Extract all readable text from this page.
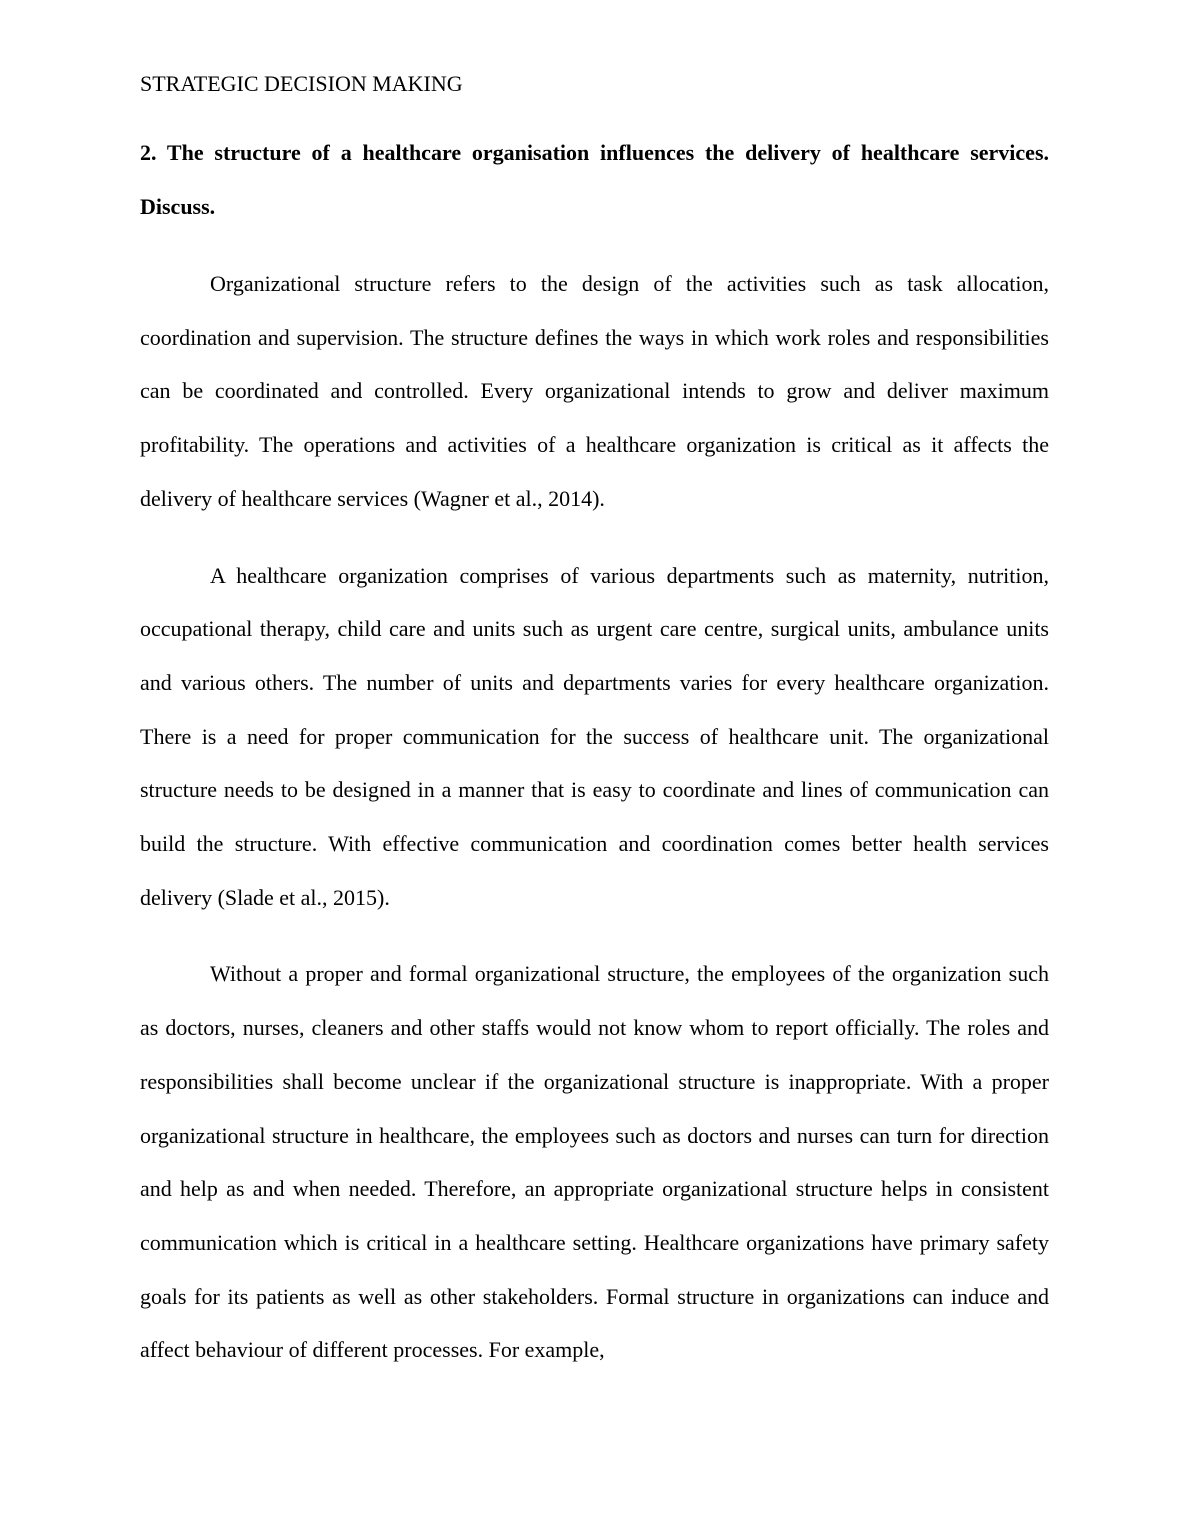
STRATEGIC DECISION MAKING

2. The structure of a healthcare organisation influences the delivery of healthcare services. Discuss.

Organizational structure refers to the design of the activities such as task allocation, coordination and supervision. The structure defines the ways in which work roles and responsibilities can be coordinated and controlled. Every organizational intends to grow and deliver maximum profitability. The operations and activities of a healthcare organization is critical as it affects the delivery of healthcare services (Wagner et al., 2014).

A healthcare organization comprises of various departments such as maternity, nutrition, occupational therapy, child care and units such as urgent care centre, surgical units, ambulance units and various others. The number of units and departments varies for every healthcare organization. There is a need for proper communication for the success of healthcare unit. The organizational structure needs to be designed in a manner that is easy to coordinate and lines of communication can build the structure. With effective communication and coordination comes better health services delivery (Slade et al., 2015).

Without a proper and formal organizational structure, the employees of the organization such as doctors, nurses, cleaners and other staffs would not know whom to report officially. The roles and responsibilities shall become unclear if the organizational structure is inappropriate. With a proper organizational structure in healthcare, the employees such as doctors and nurses can turn for direction and help as and when needed. Therefore, an appropriate organizational structure helps in consistent communication which is critical in a healthcare setting. Healthcare organizations have primary safety goals for its patients as well as other stakeholders. Formal structure in organizations can induce and affect behaviour of different processes. For example,
